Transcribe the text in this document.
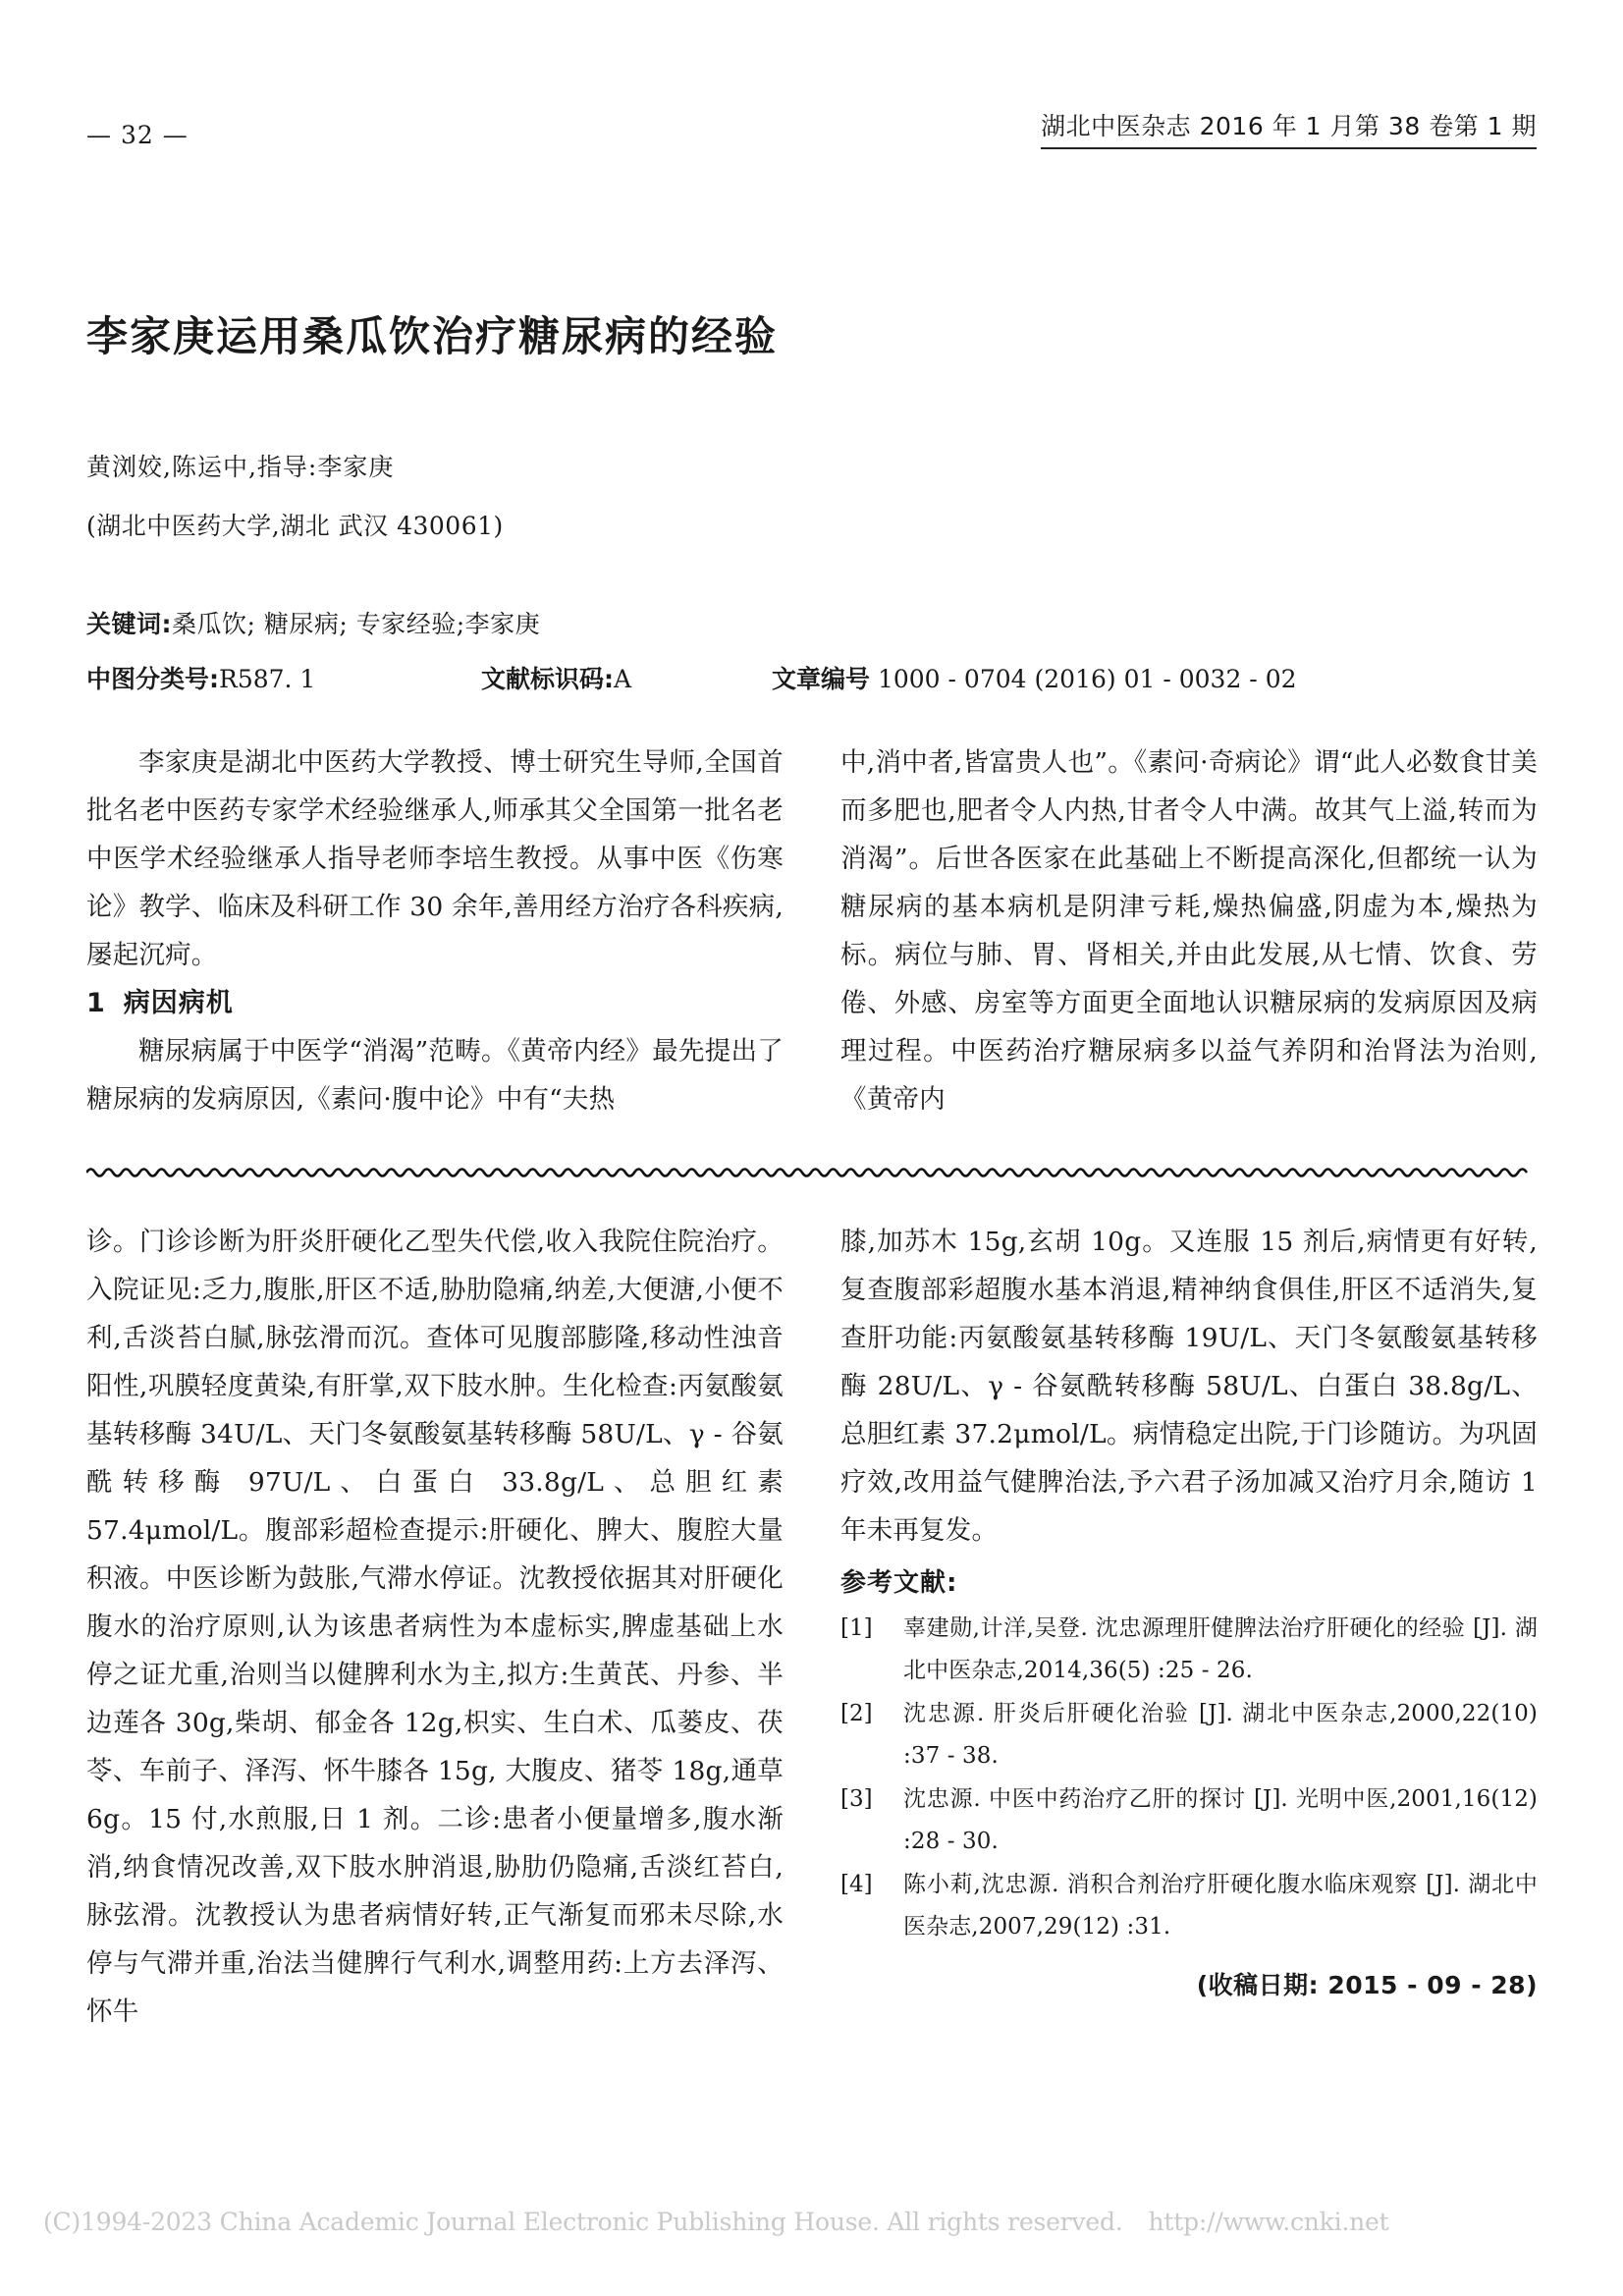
— 32 —	湖北中医杂志 2016 年 1 月第 38 卷第 1 期
李家庚运用桑瓜饮治疗糖尿病的经验
黄浏姣,陈运中,指导:李家庚
(湖北中医药大学,湖北 武汉 430061)
关键词:桑瓜饮; 糖尿病; 专家经验;李家庚
中图分类号:R587. 1	文献标识码:A	文章编号 1000 - 0704 (2016) 01 - 0032 - 02

李家庚是湖北中医药大学教授、博士研究生导师,全国首批名老中医药专家学术经验继承人,师承其父全国第一批名老中医学术经验继承人指导老师李培生教授。从事中医《伤寒论》教学、临床及科研工作 30 余年,善用经方治疗各科疾病,屡起沉疴。

1 病因病机

糖尿病属于中医学“消渴”范畴。《黄帝内经》最先提出了糖尿病的发病原因,《素问·腹中论》中有“夫热

中,消中者,皆富贵人也”。《素问·奇病论》谓“此人必数食甘美而多肥也,肥者令人内热,甘者令人中满。故其气上溢,转而为消渴”。后世各医家在此基础上不断提高深化,但都统一认为糖尿病的基本病机是阴津亏耗,燥热偏盛,阴虚为本,燥热为标。病位与肺、胃、肾相关,并由此发展,从七情、饮食、劳倦、外感、房室等方面更全面地认识糖尿病的发病原因及病理过程。中医药治疗糖尿病多以益气养阴和治肾法为治则,《黄帝内

诊。门诊诊断为肝炎肝硬化乙型失代偿,收入我院住院治疗。入院证见:乏力,腹胀,肝区不适,胁肋隐痛,纳差,大便溏,小便不利,舌淡苔白腻,脉弦滑而沉。查体可见腹部膨隆,移动性浊音阳性,巩膜轻度黄染,有肝掌,双下肢水肿。生化检查:丙氨酸氨基转移酶 34U/L、天门冬氨酸氨基转移酶 58U/L、γ - 谷氨酰转移酶 97U/L、白蛋白 33.8g/L、总胆红素 57.4μmol/L。腹部彩超检查提示:肝硬化、脾大、腹腔大量积液。中医诊断为鼓胀,气滞水停证。沈教授依据其对肝硬化腹水的治疗原则,认为该患者病性为本虚标实,脾虚基础上水停之证尤重,治则当以健脾利水为主,拟方:生黄芪、丹参、半边莲各 30g,柴胡、郁金各 12g,枳实、生白术、瓜蒌皮、茯苓、车前子、泽泻、怀牛膝各 15g, 大腹皮、猪苓 18g,通草 6g。15 付,水煎服,日 1 剂。二诊:患者小便量增多,腹水渐消,纳食情况改善,双下肢水肿消退,胁肋仍隐痛,舌淡红苔白,脉弦滑。沈教授认为患者病情好转,正气渐复而邪未尽除,水停与气滞并重,治法当健脾行气利水,调整用药:上方去泽泻、怀牛

膝,加苏木 15g,玄胡 10g。又连服 15 剂后,病情更有好转,复查腹部彩超腹水基本消退,精神纳食俱佳,肝区不适消失,复查肝功能:丙氨酸氨基转移酶 19U/L、天门冬氨酸氨基转移酶 28U/L、γ - 谷氨酰转移酶 58U/L、白蛋白 38.8g/L、总胆红素 37.2μmol/L。病情稳定出院,于门诊随访。为巩固疗效,改用益气健脾治法,予六君子汤加减又治疗月余,随访 1 年未再复发。

参考文献:
[1]	辜建勋,计洋,吴登. 沈忠源理肝健脾法治疗肝硬化的经验 [J]. 湖北中医杂志,2014,36(5) :25 - 26.
[2]	沈忠源. 肝炎后肝硬化治验 [J]. 湖北中医杂志,2000,22(10) :37 - 38.
[3]	沈忠源. 中医中药治疗乙肝的探讨 [J]. 光明中医,2001,16(12) :28 - 30.
[4]	陈小莉,沈忠源. 消积合剂治疗肝硬化腹水临床观察 [J]. 湖北中医杂志,2007,29(12) :31.
(收稿日期: 2015 - 09 - 28)
(C)1994-2023 China Academic Journal Electronic Publishing House. All rights reserved. http://www.cnki.net
